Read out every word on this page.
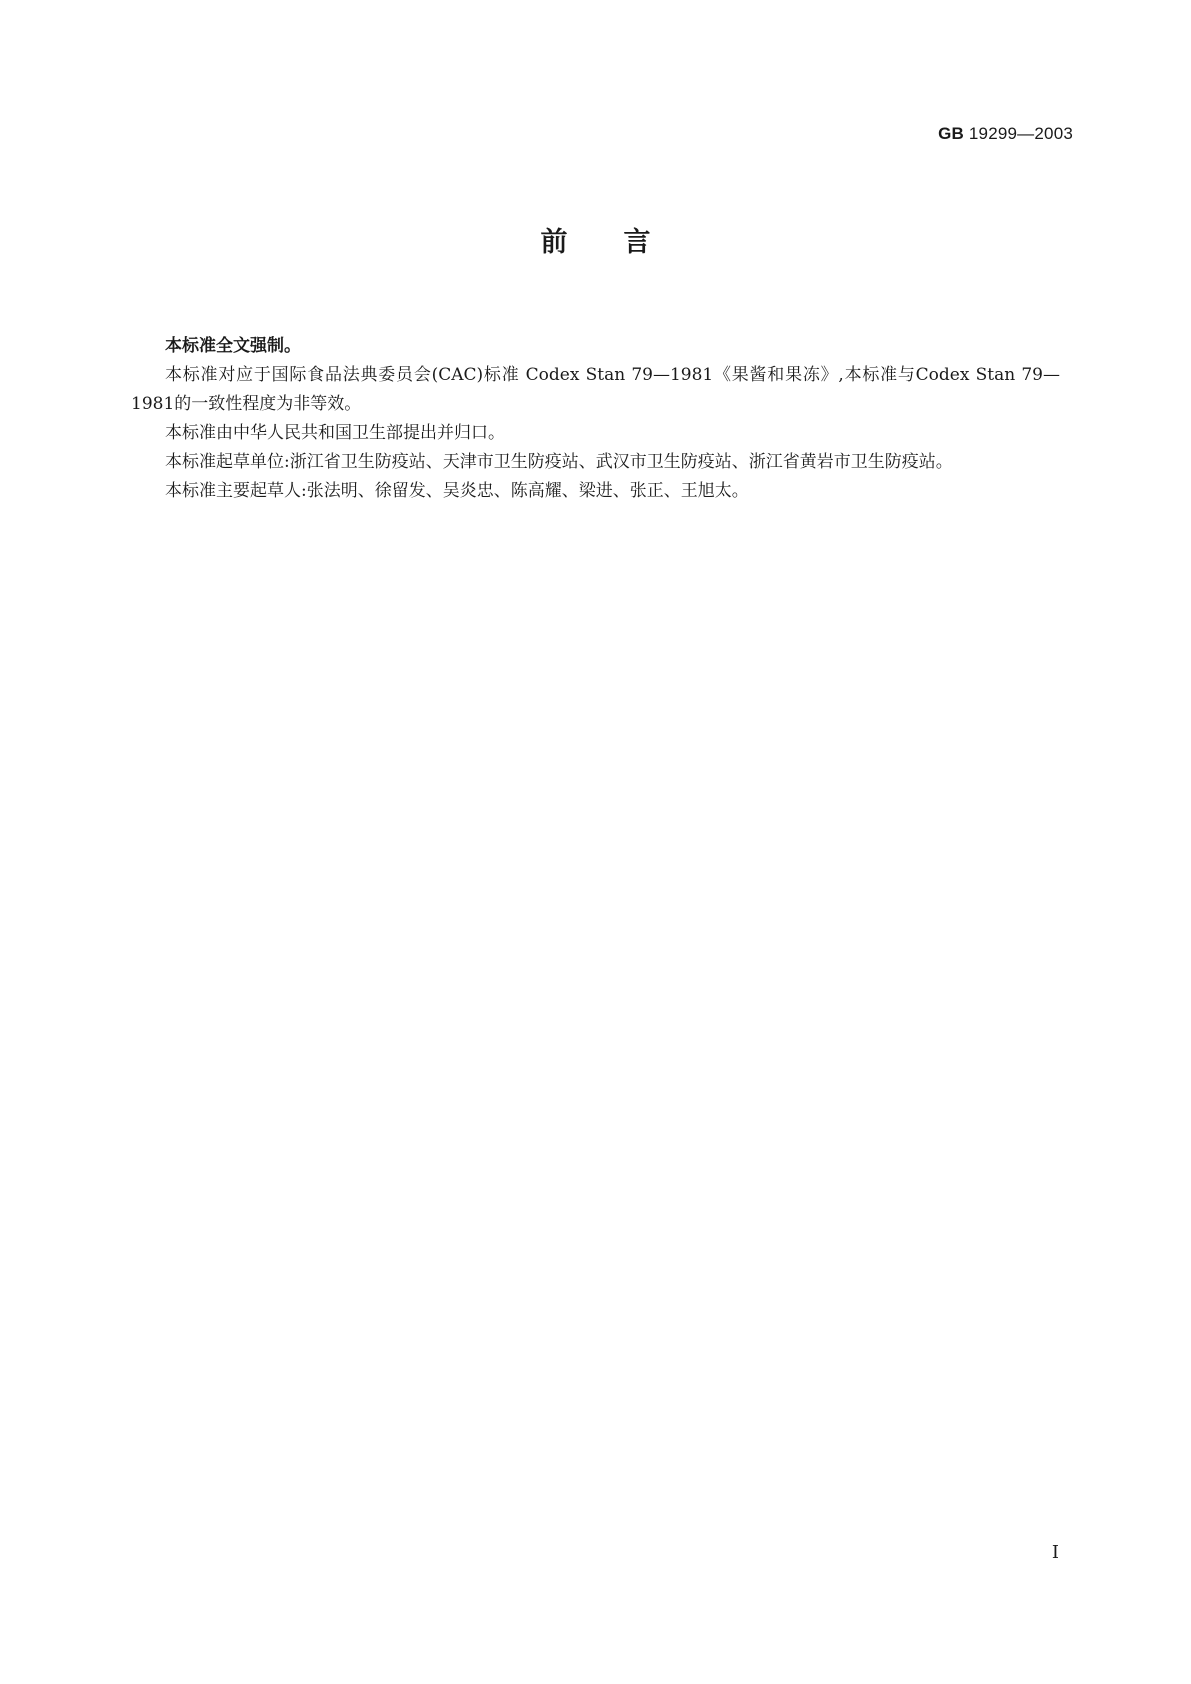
GB 19299—2003
前言

本标准全文强制。

本标准对应于国际食品法典委员会(CAC)标准 Codex Stan 79—1981《果酱和果冻》,本标准与Codex Stan 79—1981的一致性程度为非等效。

本标准由中华人民共和国卫生部提出并归口。

本标准起草单位:浙江省卫生防疫站、天津市卫生防疫站、武汉市卫生防疫站、浙江省黄岩市卫生防疫站。

本标准主要起草人:张法明、徐留发、吴炎忠、陈高耀、梁进、张正、王旭太。

I
